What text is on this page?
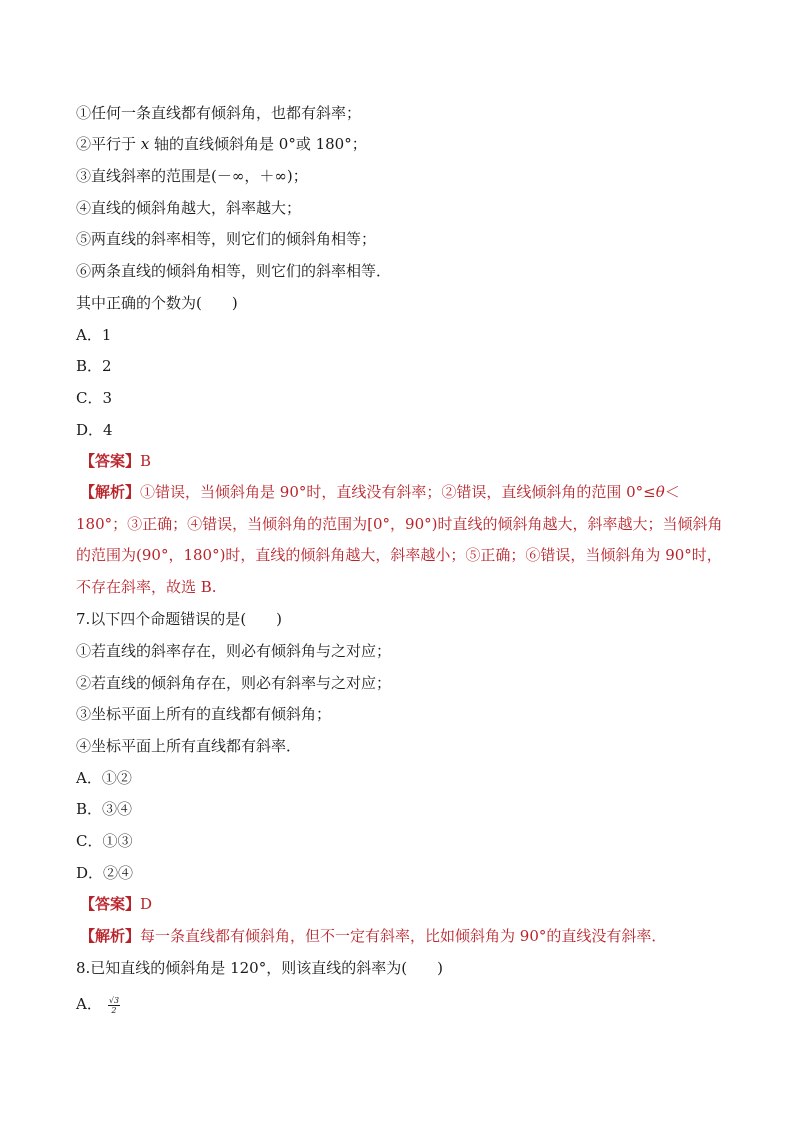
①任何一条直线都有倾斜角，也都有斜率；
②平行于 x 轴的直线倾斜角是 0°或 180°；
③直线斜率的范围是(－∞，＋∞)；
④直线的倾斜角越大，斜率越大；
⑤两直线的斜率相等，则它们的倾斜角相等；
⑥两条直线的倾斜角相等，则它们的斜率相等．
其中正确的个数为(　　)
A．1
B．2
C．3
D．4
【答案】B
【解析】①错误，当倾斜角是 90°时，直线没有斜率；②错误，直线倾斜角的范围 0°≤θ＜180°；③正确；④错误，当倾斜角的范围为[0°，90°)时直线的倾斜角越大，斜率越大；当倾斜角的范围为(90°，180°)时，直线的倾斜角越大，斜率越小；⑤正确；⑥错误，当倾斜角为 90°时，不存在斜率，故选 B.
7.以下四个命题错误的是(　　)
①若直线的斜率存在，则必有倾斜角与之对应；
②若直线的倾斜角存在，则必有斜率与之对应；
③坐标平面上所有的直线都有倾斜角；
④坐标平面上所有直线都有斜率．
A．①②
B．③④
C．①③
D．②④
【答案】D
【解析】每一条直线都有倾斜角，但不一定有斜率，比如倾斜角为 90°的直线没有斜率．
8.已知直线的倾斜角是 120°，则该直线的斜率为(　　)
A． $\frac{√3}{2}$
